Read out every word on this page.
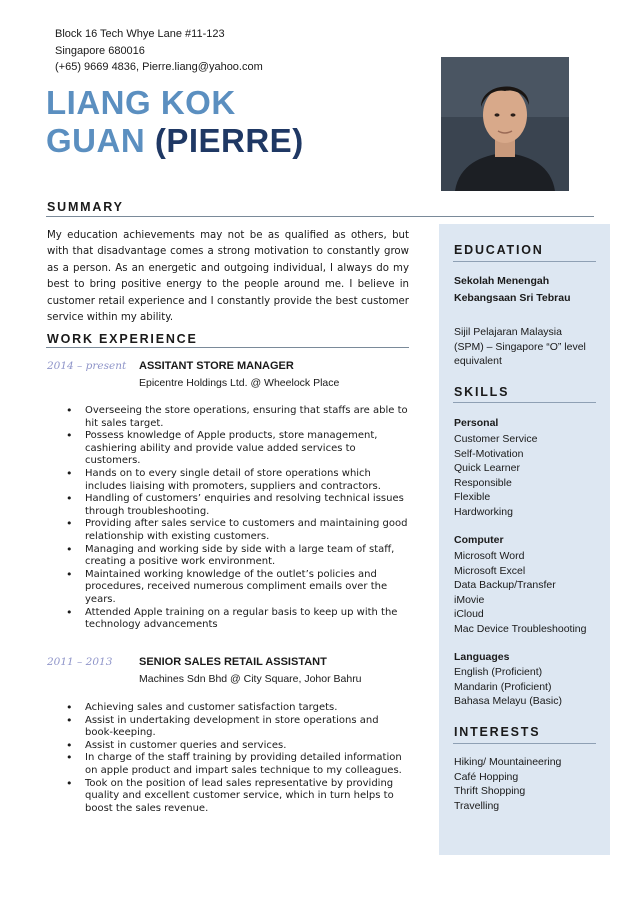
Block 16 Tech Whye Lane #11-123
Singapore 680016
(+65) 9669 4836, Pierre.liang@yahoo.com
LIANG KOK
GUAN (PIERRE)
SUMMARY
My education achievements may not be as qualified as others, but with that disadvantage comes a strong motivation to constantly grow as a person. As an energetic and outgoing individual, I always do my best to bring positive energy to the people around me. I believe in customer retail experience and I constantly provide the best customer service within my ability.
WORK EXPERIENCE
2014 – present ASSITANT STORE MANAGER
Epicentre Holdings Ltd. @ Wheelock Place
• Overseeing the store operations, ensuring that staffs are able to hit sales target.
• Possess knowledge of Apple products, store management, cashiering ability and provide value added services to customers.
• Hands on to every single detail of store operations which includes liaising with promoters, suppliers and contractors.
• Handling of customers’ enquiries and resolving technical issues through troubleshooting.
• Providing after sales service to customers and maintaining good relationship with existing customers.
• Managing and working side by side with a large team of staff, creating a positive work environment.
• Maintained working knowledge of the outlet’s policies and procedures, received numerous compliment emails over the years.
• Attended Apple training on a regular basis to keep up with the technology advancements
2011 – 2013 SENIOR SALES RETAIL ASSISTANT
Machines Sdn Bhd @ City Square, Johor Bahru
• Achieving sales and customer satisfaction targets.
• Assist in undertaking development in store operations and book-keeping.
• Assist in customer queries and services.
• In charge of the staff training by providing detailed information on apple product and impart sales technique to my colleagues.
• Took on the position of lead sales representative by providing quality and excellent customer service, which in turn helps to boost the sales revenue.
EDUCATION
Sekolah Menengah
Kebangsaan Sri Tebrau
Sijil Pelajaran Malaysia
(SPM) – Singapore “O” level
equivalent
SKILLS
Personal
Customer Service
Self-Motivation
Quick Learner
Responsible
Flexible
Hardworking
Computer
Microsoft Word
Microsoft Excel
Data Backup/Transfer
iMovie
iCloud
Mac Device Troubleshooting
Languages
English (Proficient)
Mandarin (Proficient)
Bahasa Melayu (Basic)
INTERESTS
Hiking/ Mountaineering
Café Hopping
Thrift Shopping
Travelling
